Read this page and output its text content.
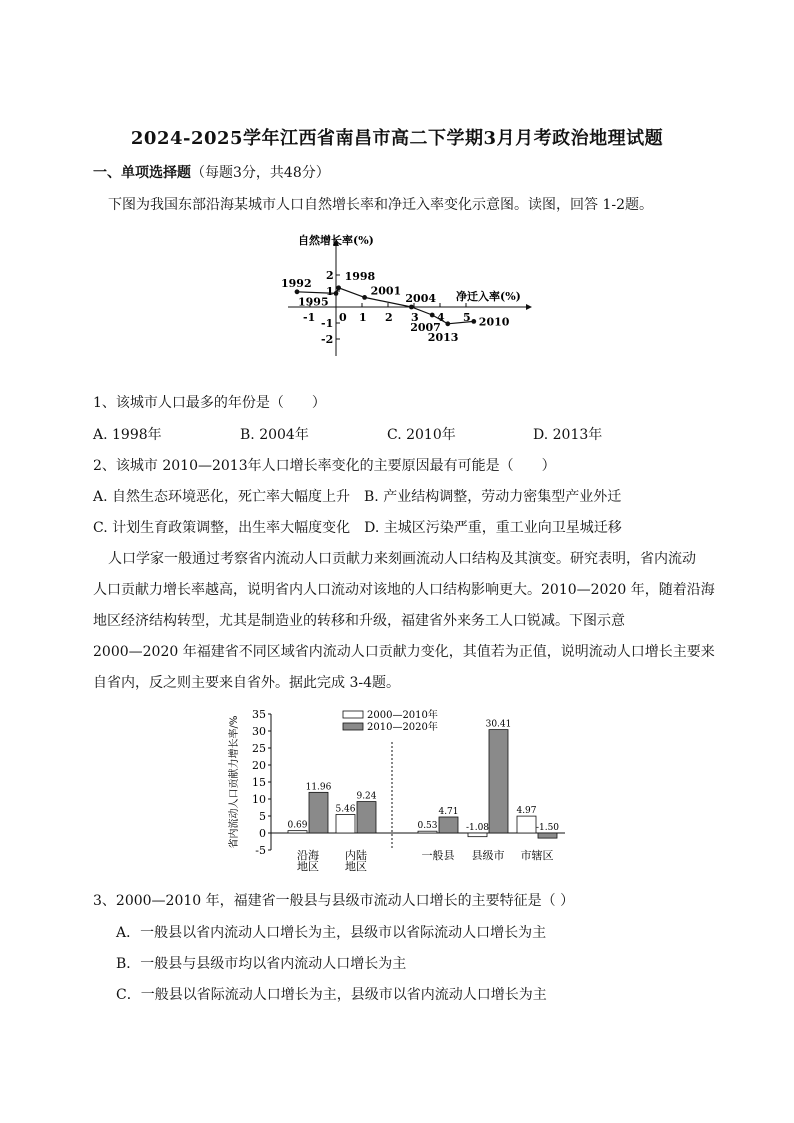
2024-2025学年江西省南昌市高二下学期3月月考政治地理试题
一、单项选择题（每题3分，共48分）
下图为我国东部沿海某城市人口自然增长率和净迁入率变化示意图。读图，回答 1-2题。
自然增长率(%)
净迁入率(%)
-1 0 1 2 3 4 5
2
1
-1
-2
1992
1995
1998
2001
2004
2007
2013
2010
1、该城市人口最多的年份是（　　）
A. 1998年	B. 2004年	C. 2010年	D. 2013年
2、该城市 2010—2013年人口增长率变化的主要原因最有可能是（　　）
A. 自然生态环境恶化，死亡率大幅度上升　B. 产业结构调整，劳动力密集型产业外迁
C. 计划生育政策调整，出生率大幅度变化　D. 主城区污染严重，重工业向卫星城迁移
人口学家一般通过考察省内流动人口贡献力来刻画流动人口结构及其演变。研究表明，省内流动
人口贡献力增长率越高，说明省内人口流动对该地的人口结构影响更大。2010—2020 年，随着沿海
地区经济结构转型，尤其是制造业的转移和升级，福建省外来务工人口锐减。下图示意
2000—2020 年福建省不同区域省内流动人口贡献力变化，其值若为正值，说明流动人口增长主要来
自省内，反之则主要来自省外。据此完成 3-4题。
35
30
25
20
15
10
5
0
-5
省内流动人口贡献力增长率/%
2000—2010年
2010—2020年
0.69
11.96
沿海
地区
5.46
9.24
内陆
地区
0.53
4.71
一般县
-1.08
30.41
县级市
4.97
-1.50
市辖区
3、2000—2010 年，福建省一般县与县级市流动人口增长的主要特征是（ ）
A．一般县以省内流动人口增长为主，县级市以省际流动人口增长为主
B．一般县与县级市均以省内流动人口增长为主
C．一般县以省际流动人口增长为主，县级市以省内流动人口增长为主
